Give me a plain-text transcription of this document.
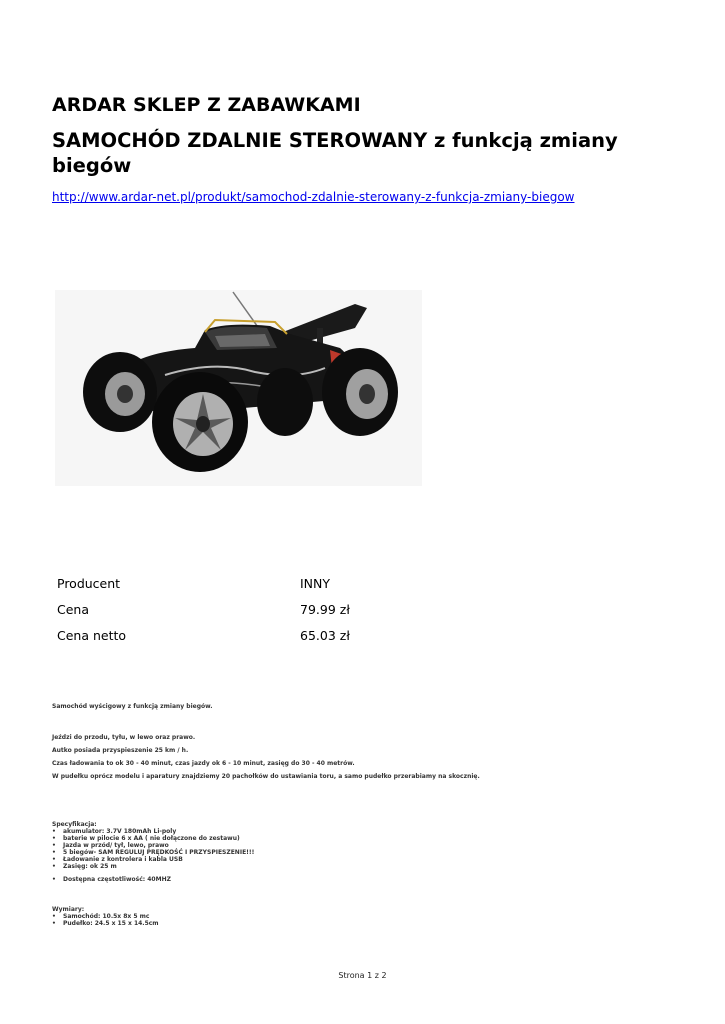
ARDAR SKLEP Z ZABAWKAMI
SAMOCHÓD ZDALNIE STEROWANY z funkcją zmiany biegów
http://www.ardar-net.pl/produkt/samochod-zdalnie-sterowany-z-funkcja-zmiany-biegow
Producent	INNY
Cena	79.99 zł
Cena netto	65.03 zł
Samochód wyścigowy z funkcją zmiany biegów.
Jeździ do przodu, tyłu, w lewo oraz prawo.
Autko posiada przyspieszenie 25 km / h.
Czas ładowania to ok 30 - 40 minut, czas jazdy ok 6 - 10 minut, zasięg do 30 - 40 metrów.
W pudełku oprócz modelu i aparatury znajdziemy 20 pachołków do ustawiania toru, a samo pudełko przerabiamy na skocznię.
Specyfikacja:
• akumulator: 3.7V 180mAh Li-poly
• baterie w pilocie 6 x AA ( nie dołączone do zestawu)
• Jazda w przód/ tył, lewo, prawo
• 5 biegów- SAM REGULUJ PRĘDKOŚĆ I PRZYSPIESZENIE!!!
• Ładowanie z kontrolera i kabla USB
• Zasięg: ok 25 m
• Dostępna częstotliwość: 40MHZ
Wymiary:
• Samochód: 10.5x 8x 5 mc
• Pudełko: 24.5 x 15 x 14.5cm
Strona 1 z 2
